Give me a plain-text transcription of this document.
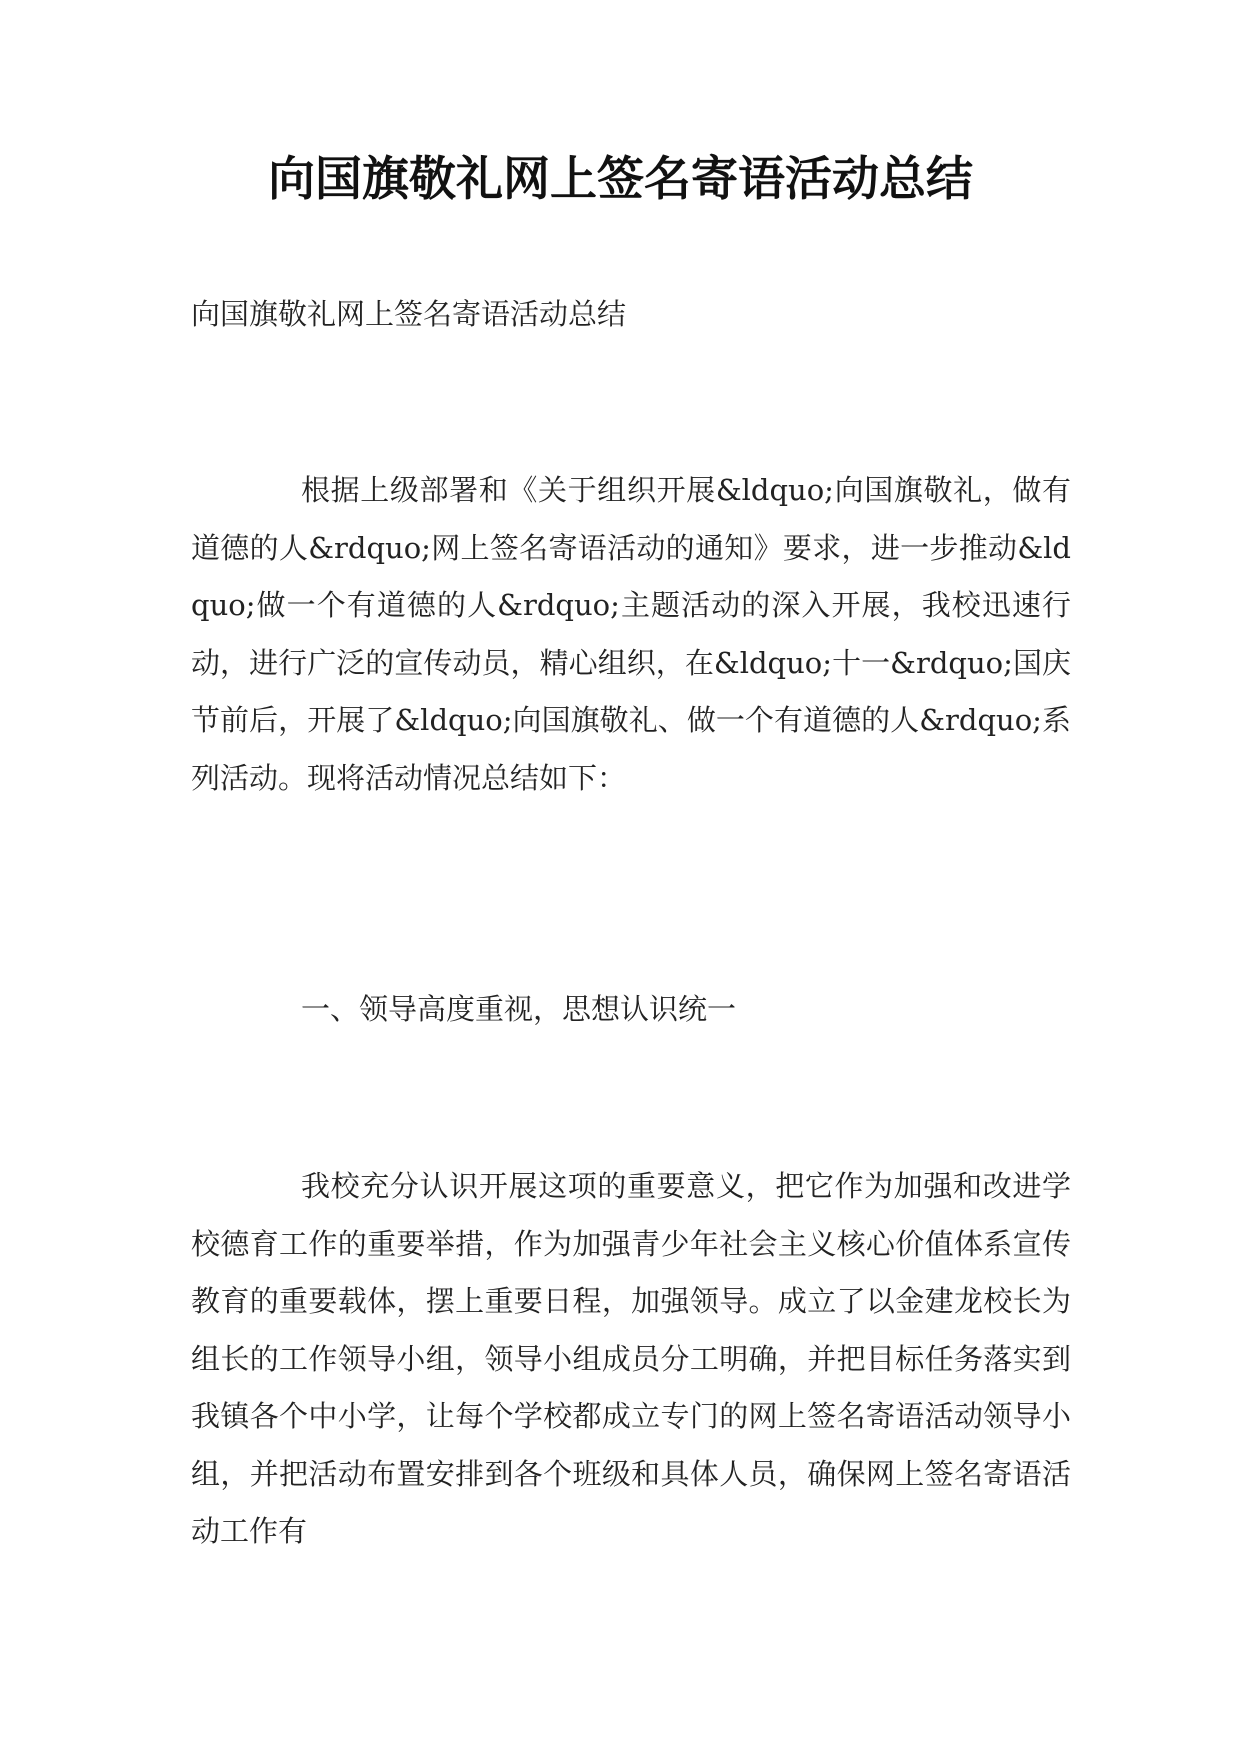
向国旗敬礼网上签名寄语活动总结

向国旗敬礼网上签名寄语活动总结

根据上级部署和《关于组织开展&ldquo;向国旗敬礼，做有道德的人&rdquo;网上签名寄语活动的通知》要求，进一步推动&ldquo;做一个有道德的人&rdquo;主题活动的深入开展，我校迅速行动，进行广泛的宣传动员，精心组织，在&ldquo;十一&rdquo;国庆节前后，开展了&ldquo;向国旗敬礼、做一个有道德的人&rdquo;系列活动。现将活动情况总结如下：

一、领导高度重视，思想认识统一

我校充分认识开展这项的重要意义，把它作为加强和改进学校德育工作的重要举措，作为加强青少年社会主义核心价值体系宣传教育的重要载体，摆上重要日程，加强领导。成立了以金建龙校长为组长的工作领导小组，领导小组成员分工明确，并把目标任务落实到我镇各个中小学，让每个学校都成立专门的网上签名寄语活动领导小组，并把活动布置安排到各个班级和具体人员，确保网上签名寄语活动工作有
